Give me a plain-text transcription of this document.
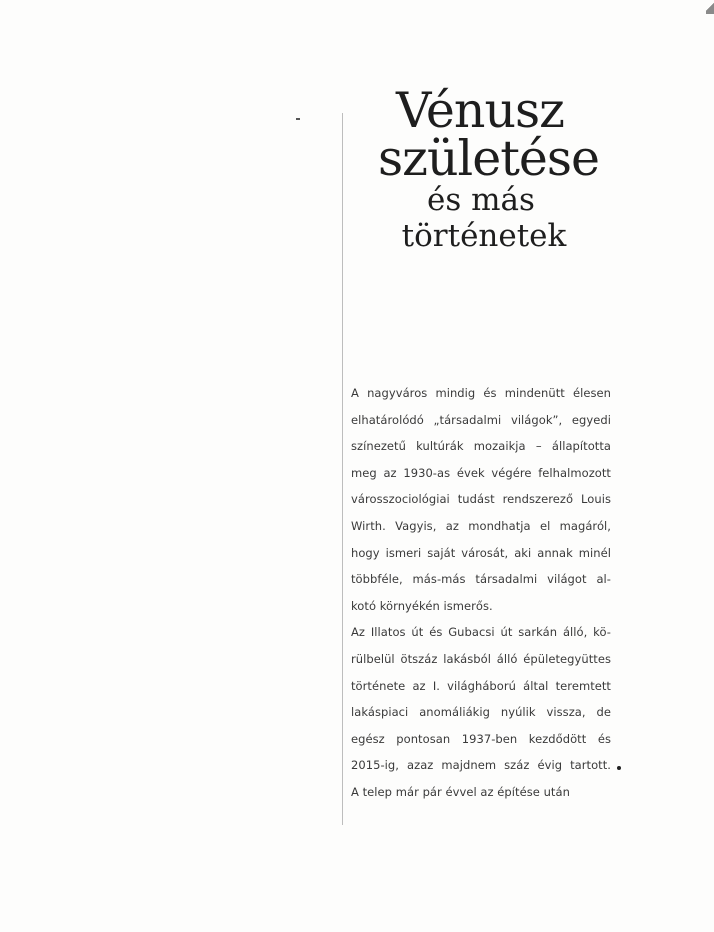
Vénusz
születése
és más
történetek
A nagyváros mindig és mindenütt élesen
elhatárolódó „társadalmi világok”, egyedi
színezetű kultúrák mozaikja – állapította
meg az 1930-as évek végére felhalmozott
városszociológiai tudást rendszerező Louis
Wirth. Vagyis, az mondhatja el magáról,
hogy ismeri saját városát, aki annak minél
többféle, más-más társadalmi világot al-
kotó környékén ismerős.
Az Illatos út és Gubacsi út sarkán álló, kö-
rülbelül ötszáz lakásból álló épületegyüttes
története az I. világháború által teremtett
lakáspiaci anomáliákig nyúlik vissza, de
egész pontosan 1937-ben kezdődött és
2015-ig, azaz majdnem száz évig tartott.
A telep már pár évvel az építése után
